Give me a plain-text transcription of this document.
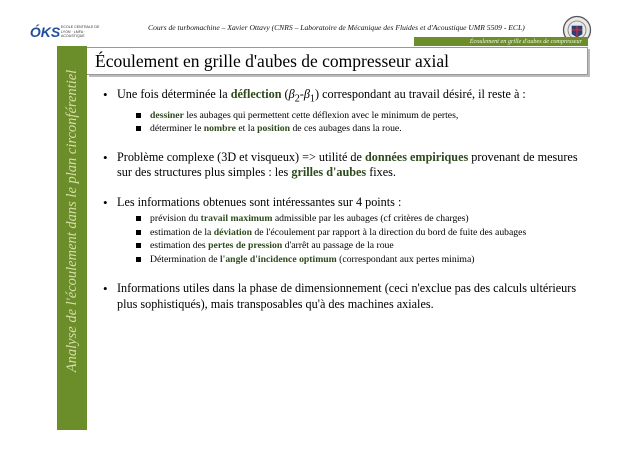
ÓKS ECOLE CENTRALE DE LYON · LMFA · ACOUSTIQUE
Cours de turbomachine – Xavier Ottavy (CNRS – Laboratoire de Mécanique des Fluides et d'Acoustique UMR 5509 - ECL)
Écoulement en grille d'aubes de compresseur
Analyse de l'écoulement dans le plan circonférentiel
Écoulement en grille d'aubes de compresseur axial
• Une fois déterminée la déflection $(\beta_2-\beta_1)$ correspondant au travail désiré, il reste à :
dessiner les aubages qui permettent cette déflexion avec le minimum de pertes,
déterminer le nombre et la position de ces aubages dans la roue.
• Problème complexe (3D et visqueux) => utilité de données empiriques provenant de mesures sur des structures plus simples : les grilles d'aubes fixes.
• Les informations obtenues sont intéressantes sur 4 points :
prévision du travail maximum admissible par les aubages (cf critères de charges)
estimation de la déviation de l'écoulement par rapport à la direction du bord de fuite des aubages
estimation des pertes de pression d'arrêt au passage de la roue
Détermination de l'angle d'incidence optimum (correspondant aux pertes minima)
• Informations utiles dans la phase de dimensionnement (ceci n'exclue pas des calculs ultérieurs plus sophistiqués), mais transposables qu'à des machines axiales.
